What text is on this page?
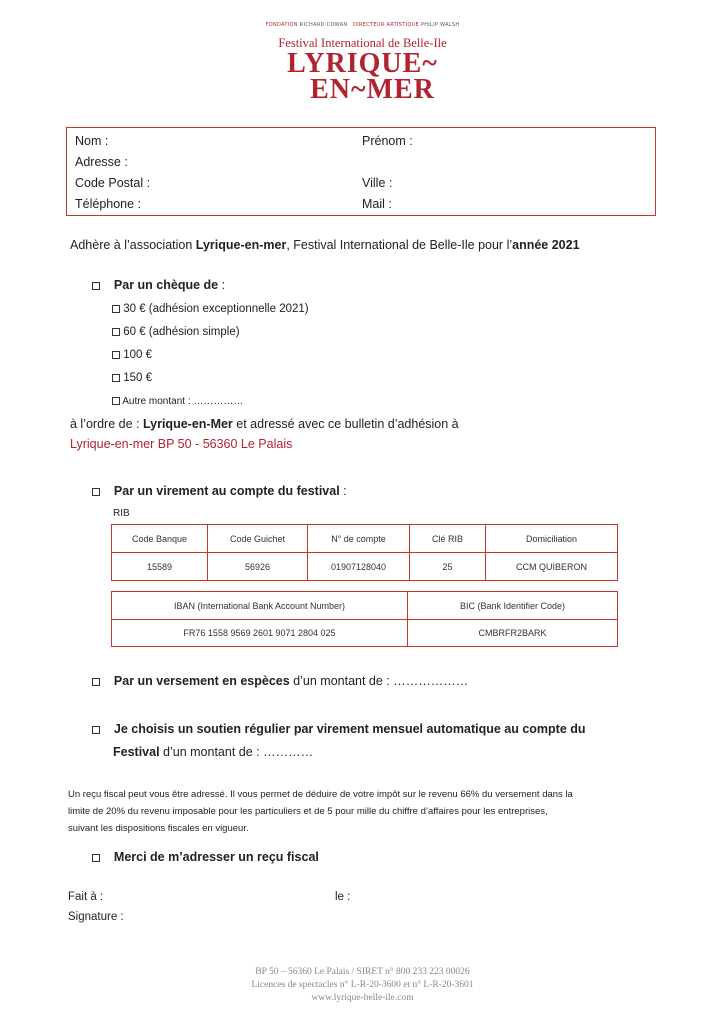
FONDATION RICHARD COWAN DIRECTEUR ARTISTIQUE PHILIP WALSH
Festival International de Belle-Ile
LYRIQUE~
EN~MER
Nom :	Prénom :
Adresse :
Code Postal :	Ville :
Téléphone :	Mail :
Adhère à l’association Lyrique-en-mer, Festival International de Belle-Ile pour l’année 2021
Par un chèque de :
30 € (adhésion exceptionnelle 2021)
60 € (adhésion simple)
100 €
150 €
Autre montant : ……………
à l’ordre de : Lyrique-en-Mer et adressé avec ce bulletin d’adhésion à
Lyrique-en-mer BP 50 - 56360 Le Palais
Par un virement au compte du festival :
RIB
Code Banque	Code Guichet	N° de compte	Clé RIB	Domiciliation
15589	56926	01907128040	25	CCM QUIBERON
IBAN (International Bank Account Number)	BIC (Bank Identifier Code)
FR76 1558 9569 2601 9071 2804 025	CMBRFR2BARK
Par un versement en espèces d’un montant de : ………………
Je choisis un soutien régulier par virement mensuel automatique au compte du
Festival d’un montant de : …………
Un reçu fiscal peut vous être adressé. Il vous permet de déduire de votre impôt sur le revenu 66% du versement dans la
limite de 20% du revenu imposable pour les particuliers et de 5 pour mille du chiffre d’affaires pour les entreprises,
suivant les dispositions fiscales en vigueur.
Merci de m’adresser un reçu fiscal
Fait à :	le :
Signature :
BP 50 – 56360 Le Palais / SIRET n° 800 233 223 00026
Licences de spectacles n° L-R-20-3600 et n° L-R-20-3601
www.lyrique-belle-ile.com
